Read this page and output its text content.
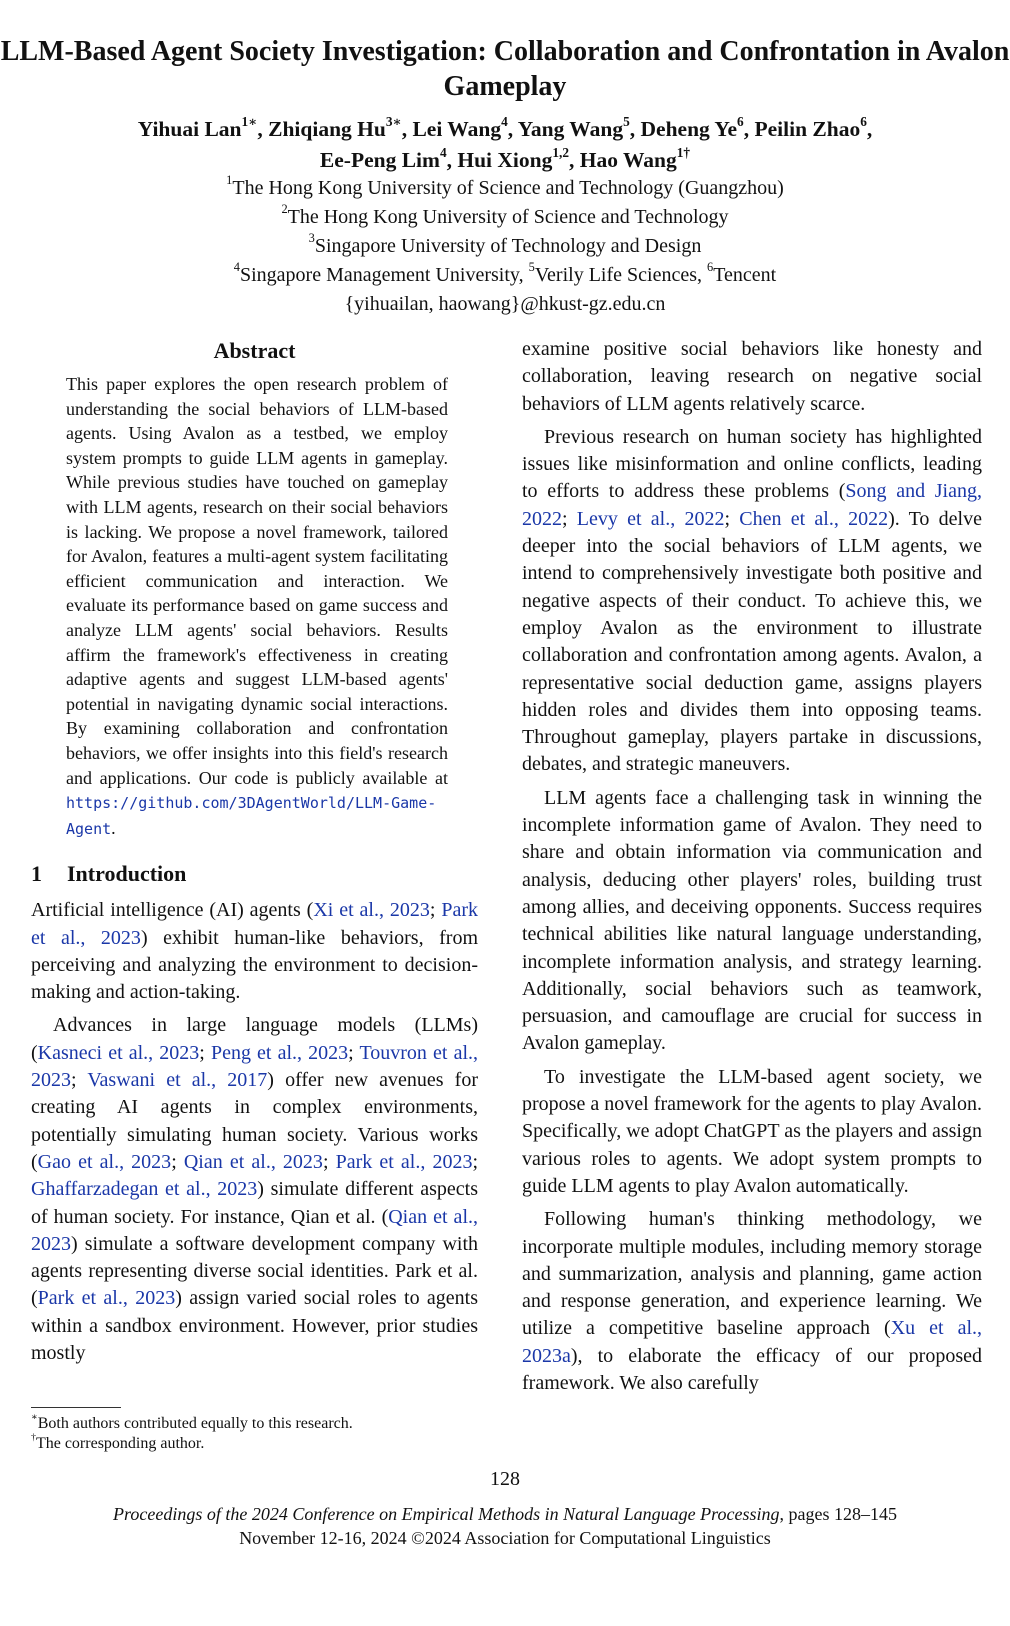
LLM-Based Agent Society Investigation: Collaboration and Confrontation in Avalon Gameplay
Yihuai Lan$^{1∗}$, Zhiqiang $Hu^{3∗}$, Lei Wang$^4$, Yang Wang$^5$, Deheng Ye$^6$, Peilin Zhao$^6$,
Ee-Peng Lim$^4$, Hui Xiong$^{1,2}$, Hao Wang$^{1\dagger}$
$^1$The Hong Kong University of Science and Technology (Guangzhou)
$^2$The Hong Kong University of Science and Technology
$^3$Singapore University of Technology and Design
$^4$Singapore Management University, $^5$Verily Life Sciences, $^6$Tencent
{yihuailan, haowang}@hkust-gz.edu.cn
Abstract
This paper explores the open research problem of understanding the social behaviors of LLM-based agents. Using Avalon as a testbed, we employ system prompts to guide LLM agents in gameplay. While previous studies have touched on gameplay with LLM agents, research on their social behaviors is lacking. We propose a novel framework, tailored for Avalon, features a multi-agent system facilitating efficient communication and interaction. We evaluate its performance based on game success and analyze LLM agents' social behaviors. Results affirm the framework's effectiveness in creating adaptive agents and suggest LLM-based agents' potential in navigating dynamic social interactions. By examining collaboration and confrontation behaviors, we offer insights into this field's research and applications. Our code is publicly available at https://github.com/3DAgentWorld/LLM-Game-Agent.
1 Introduction

Artificial intelligence (AI) agents (Xi et al., 2023; Park et al., 2023) exhibit human-like behaviors, from perceiving and analyzing the environment to decision-making and action-taking.

Advances in large language models (LLMs) (Kasneci et al., 2023; Peng et al., 2023; Touvron et al., 2023; Vaswani et al., 2017) offer new avenues for creating AI agents in complex environments, potentially simulating human society. Various works (Gao et al., 2023; Qian et al., 2023; Park et al., 2023; Ghaffarzadegan et al., 2023) simulate different aspects of human society. For instance, Qian et al. (Qian et al., 2023) simulate a software development company with agents representing diverse social identities. Park et al. (Park et al., 2023) assign varied social roles to agents within a sandbox environment. However, prior studies mostly

examine positive social behaviors like honesty and collaboration, leaving research on negative social behaviors of LLM agents relatively scarce.

Previous research on human society has highlighted issues like misinformation and online conflicts, leading to efforts to address these problems (Song and Jiang, 2022; Levy et al., 2022; Chen et al., 2022). To delve deeper into the social behaviors of LLM agents, we intend to comprehensively investigate both positive and negative aspects of their conduct. To achieve this, we employ Avalon as the environment to illustrate collaboration and confrontation among agents. Avalon, a representative social deduction game, assigns players hidden roles and divides them into opposing teams. Throughout gameplay, players partake in discussions, debates, and strategic maneuvers.

LLM agents face a challenging task in winning the incomplete information game of Avalon. They need to share and obtain information via communication and analysis, deducing other players' roles, building trust among allies, and deceiving opponents. Success requires technical abilities like natural language understanding, incomplete information analysis, and strategy learning. Additionally, social behaviors such as teamwork, persuasion, and camouflage are crucial for success in Avalon gameplay.

To investigate the LLM-based agent society, we propose a novel framework for the agents to play Avalon. Specifically, we adopt ChatGPT as the players and assign various roles to agents. We adopt system prompts to guide LLM agents to play Avalon automatically.

Following human's thinking methodology, we incorporate multiple modules, including memory storage and summarization, analysis and planning, game action and response generation, and experience learning. We utilize a competitive baseline approach (Xu et al., 2023a), to elaborate the efficacy of our proposed framework. We also carefully

∗Both authors contributed equally to this research.
†The corresponding author.
128
Proceedings of the 2024 Conference on Empirical Methods in Natural Language Processing, pages 128–145
November 12-16, 2024 ©2024 Association for Computational Linguistics
